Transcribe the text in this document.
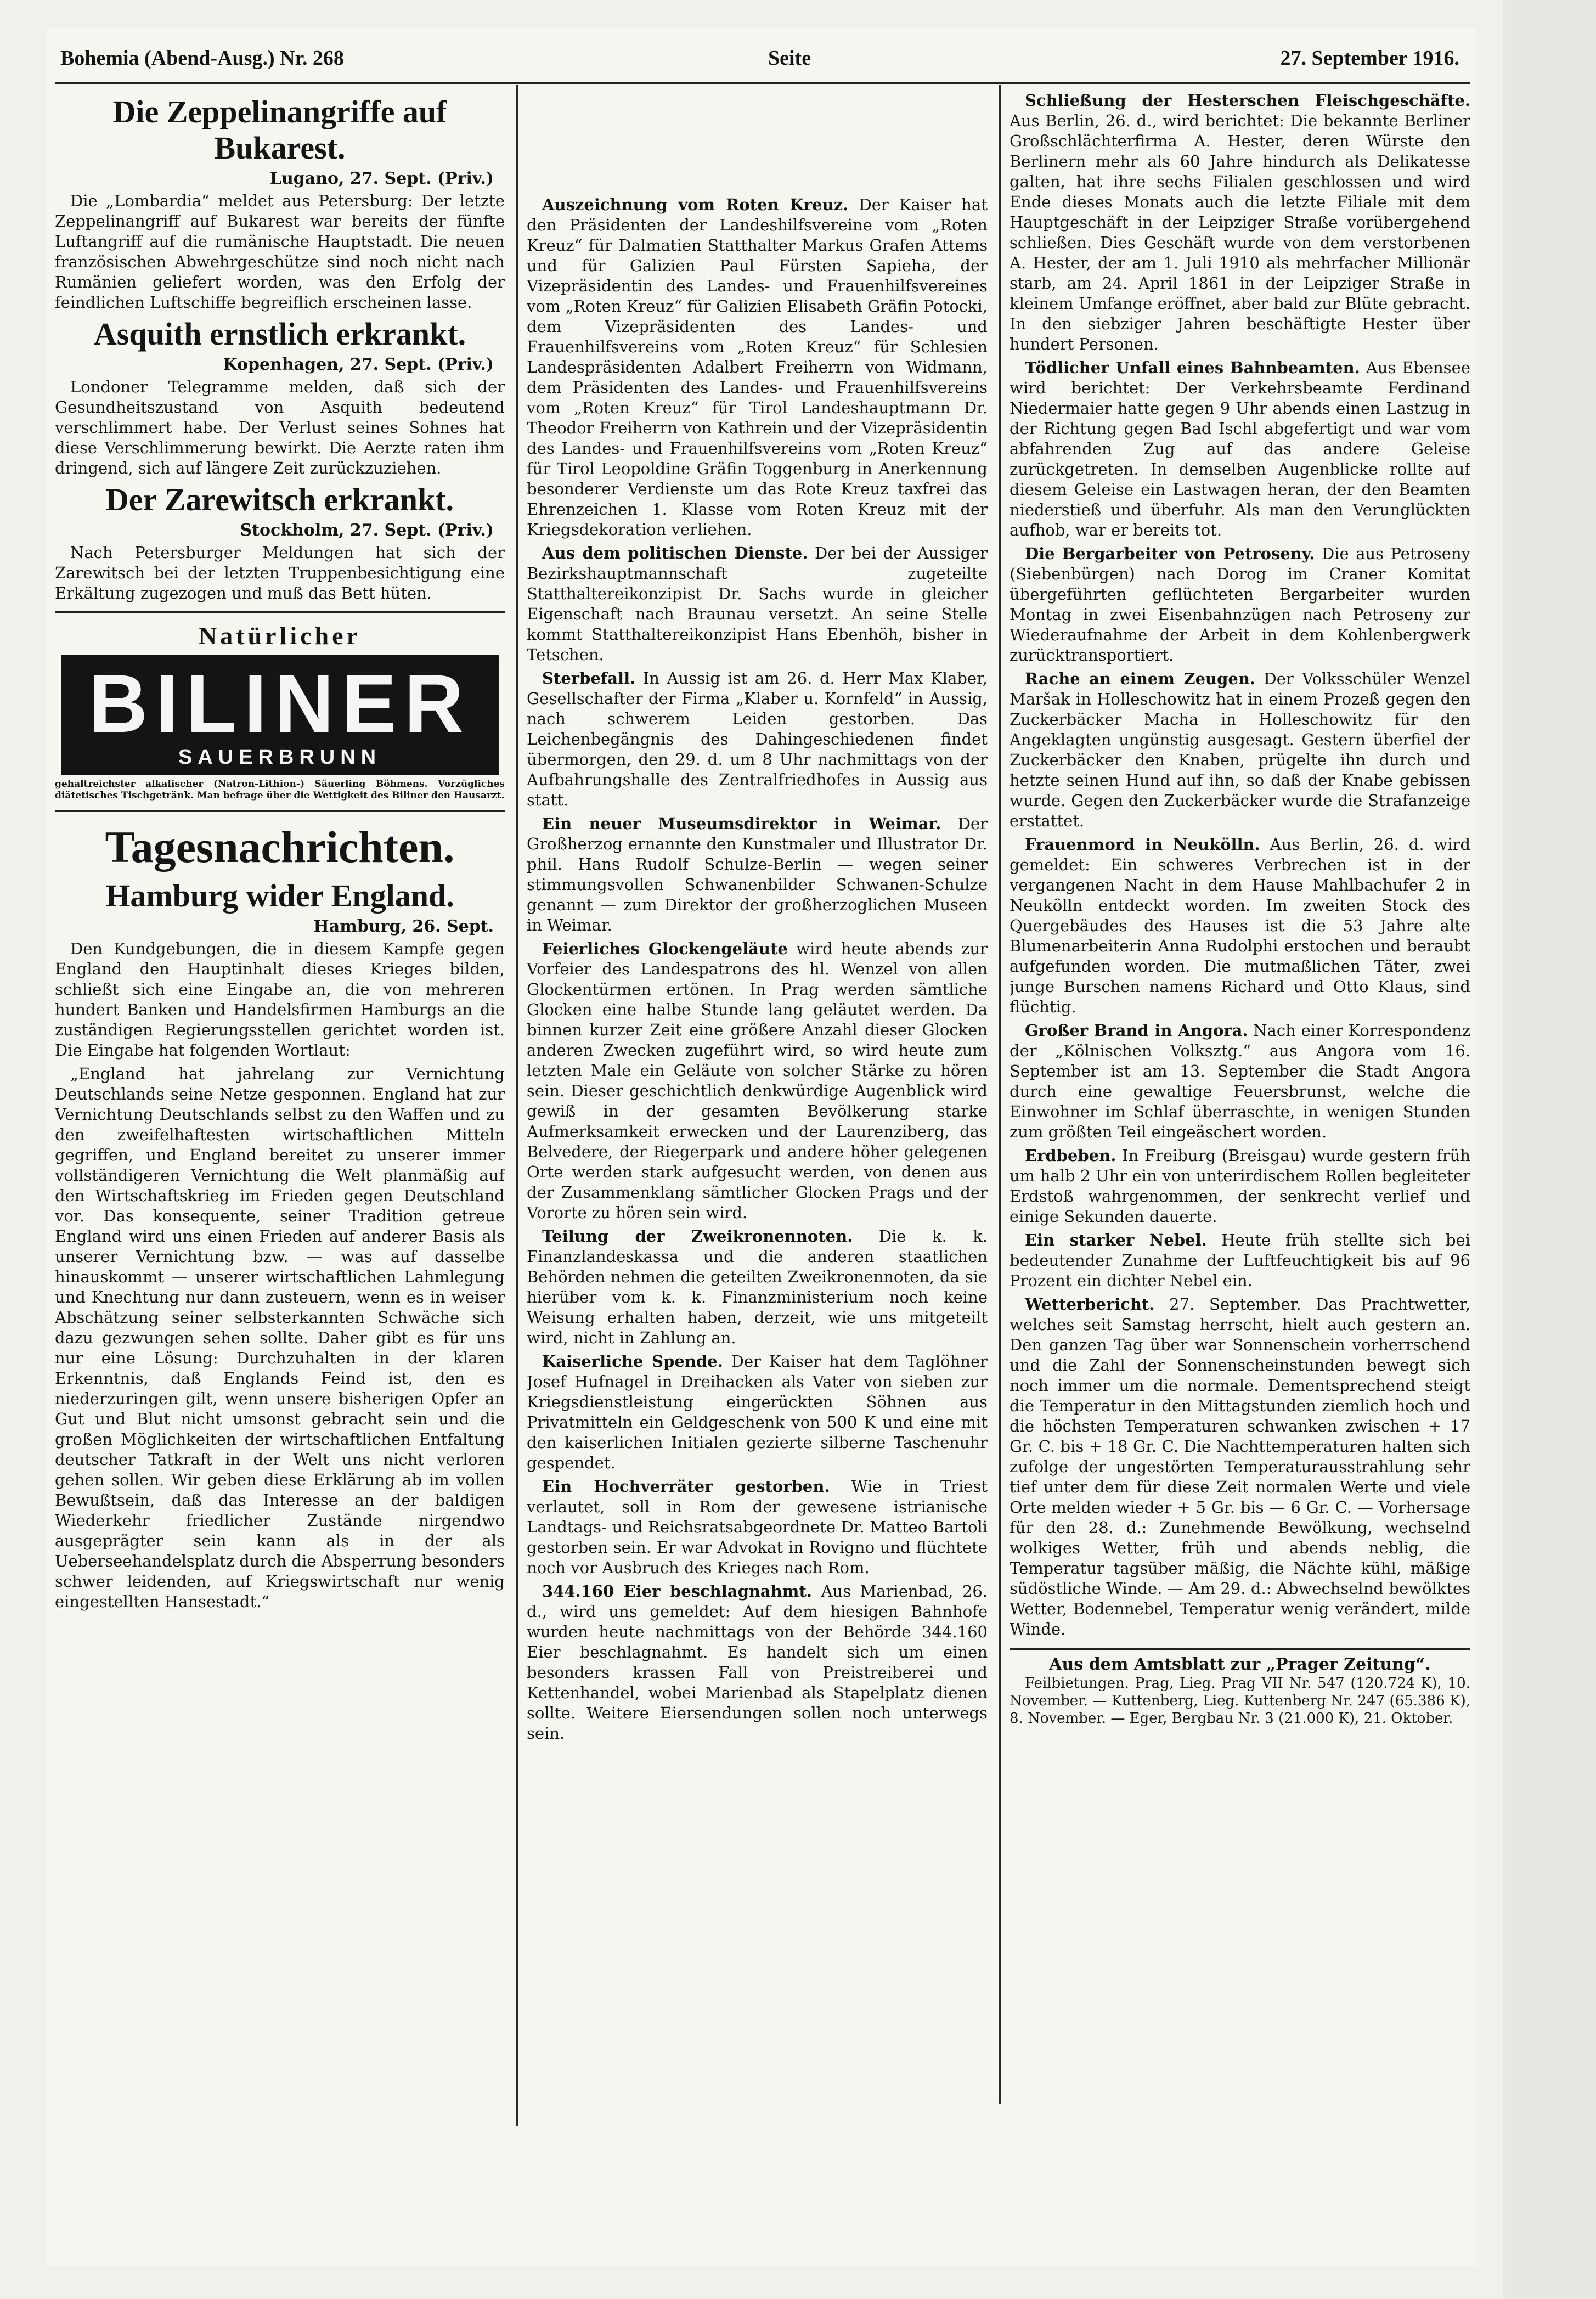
Bohemia (Abend-Ausg.) Nr. 268	Seite	27. September 1916.
Die Zeppelinangriffe auf Bukarest.
Lugano, 27. Sept. (Priv.)

Die „Lombardia“ meldet aus Petersburg: Der letzte Zeppelinangriff auf Bukarest war bereits der fünfte Luftangriff auf die rumänische Hauptstadt. Die neuen französischen Abwehrgeschütze sind noch nicht nach Rumänien geliefert worden, was den Erfolg der feindlichen Luftschiffe begreiflich erscheinen lasse.

Asquith ernstlich erkrankt.
Kopenhagen, 27. Sept. (Priv.)

Londoner Telegramme melden, daß sich der Gesundheitszustand von Asquith bedeutend verschlimmert habe. Der Verlust seines Sohnes hat diese Verschlimmerung bewirkt. Die Aerzte raten ihm dringend, sich auf längere Zeit zurückzuziehen.

Der Zarewitsch erkrankt.
Stockholm, 27. Sept. (Priv.)

Nach Petersburger Meldungen hat sich der Zarewitsch bei der letzten Truppenbesichtigung eine Erkältung zugezogen und muß das Bett hüten.

Natürlicher
BILINER
SAUERBRUNN
gehaltreichster alkalischer (Natron-Lithion-) Säuerling Böhmens. Vorzügliches diätetisches Tischgetränk. Man befrage über die Wettigkeit des Biliner den Hausarzt.
Tagesnachrichten.
Hamburg wider England.
Hamburg, 26. Sept.

Den Kundgebungen, die in diesem Kampfe gegen England den Hauptinhalt dieses Krieges bilden, schließt sich eine Eingabe an, die von mehreren hundert Banken und Handelsfirmen Hamburgs an die zuständigen Regierungsstellen gerichtet worden ist. Die Eingabe hat folgenden Wortlaut:

„England hat jahrelang zur Vernichtung Deutschlands seine Netze gesponnen. England hat zur Vernichtung Deutschlands selbst zu den Waffen und zu den zweifelhaftesten wirtschaftlichen Mitteln gegriffen, und England bereitet zu unserer immer vollständigeren Vernichtung die Welt planmäßig auf den Wirtschaftskrieg im Frieden gegen Deutschland vor. Das konsequente, seiner Tradition getreue England wird uns einen Frieden auf anderer Basis als unserer Vernichtung bzw. — was auf dasselbe hinauskommt — unserer wirtschaftlichen Lahmlegung und Knechtung nur dann zusteuern, wenn es in weiser Abschätzung seiner selbsterkannten Schwäche sich dazu gezwungen sehen sollte. Daher gibt es für uns nur eine Lösung: Durchzuhalten in der klaren Erkenntnis, daß Englands Feind ist, den es niederzuringen gilt, wenn unsere bisherigen Opfer an Gut und Blut nicht umsonst gebracht sein und die großen Möglichkeiten der wirtschaftlichen Entfaltung deutscher Tatkraft in der Welt uns nicht verloren gehen sollen. Wir geben diese Erklärung ab im vollen Bewußtsein, daß das Interesse an der baldigen Wiederkehr friedlicher Zustände nirgendwo ausgeprägter sein kann als in der als Ueberseehandelsplatz durch die Absperrung besonders schwer leidenden, auf Kriegswirtschaft nur wenig eingestellten Hansestadt.“

Auszeichnung vom Roten Kreuz. Der Kaiser hat den Präsidenten der Landeshilfsvereine vom „Roten Kreuz“ für Dalmatien Statthalter Markus Grafen Attems und für Galizien Paul Fürsten Sapieha, der Vizepräsidentin des Landes- und Frauenhilfsvereines vom „Roten Kreuz“ für Galizien Elisabeth Gräfin Potocki, dem Vizepräsidenten des Landes- und Frauenhilfsvereins vom „Roten Kreuz“ für Schlesien Landespräsidenten Adalbert Freiherrn von Widmann, dem Präsidenten des Landes- und Frauenhilfsvereins vom „Roten Kreuz“ für Tirol Landeshauptmann Dr. Theodor Freiherrn von Kathrein und der Vizepräsidentin des Landes- und Frauenhilfsvereins vom „Roten Kreuz“ für Tirol Leopoldine Gräfin Toggenburg in Anerkennung besonderer Verdienste um das Rote Kreuz taxfrei das Ehrenzeichen 1. Klasse vom Roten Kreuz mit der Kriegsdekoration verliehen.

Aus dem politischen Dienste. Der bei der Aussiger Bezirkshauptmannschaft zugeteilte Statthaltereikonzipist Dr. Sachs wurde in gleicher Eigenschaft nach Braunau versetzt. An seine Stelle kommt Statthaltereikonzipist Hans Ebenhöh, bisher in Tetschen.

Sterbefall. In Aussig ist am 26. d. Herr Max Klaber, Gesellschafter der Firma „Klaber u. Kornfeld“ in Aussig, nach schwerem Leiden gestorben. Das Leichenbegängnis des Dahingeschiedenen findet übermorgen, den 29. d. um 8 Uhr nachmittags von der Aufbahrungshalle des Zentralfriedhofes in Aussig aus statt.

Ein neuer Museumsdirektor in Weimar. Der Großherzog ernannte den Kunstmaler und Illustrator Dr. phil. Hans Rudolf Schulze-Berlin — wegen seiner stimmungsvollen Schwanenbilder Schwanen-Schulze genannt — zum Direktor der großherzoglichen Museen in Weimar.

Feierliches Glockengeläute wird heute abends zur Vorfeier des Landespatrons des hl. Wenzel von allen Glockentürmen ertönen. In Prag werden sämtliche Glocken eine halbe Stunde lang geläutet werden. Da binnen kurzer Zeit eine größere Anzahl dieser Glocken anderen Zwecken zugeführt wird, so wird heute zum letzten Male ein Geläute von solcher Stärke zu hören sein. Dieser geschichtlich denkwürdige Augenblick wird gewiß in der gesamten Bevölkerung starke Aufmerksamkeit erwecken und der Laurenziberg, das Belvedere, der Riegerpark und andere höher gelegenen Orte werden stark aufgesucht werden, von denen aus der Zusammenklang sämtlicher Glocken Prags und der Vororte zu hören sein wird.

Teilung der Zweikronennoten. Die k. k. Finanzlandeskassa und die anderen staatlichen Behörden nehmen die geteilten Zweikronennoten, da sie hierüber vom k. k. Finanzministerium noch keine Weisung erhalten haben, derzeit, wie uns mitgeteilt wird, nicht in Zahlung an.

Kaiserliche Spende. Der Kaiser hat dem Taglöhner Josef Hufnagel in Dreihacken als Vater von sieben zur Kriegsdienstleistung eingerückten Söhnen aus Privatmitteln ein Geldgeschenk von 500 K und eine mit den kaiserlichen Initialen gezierte silberne Taschenuhr gespendet.

Ein Hochverräter gestorben. Wie in Triest verlautet, soll in Rom der gewesene istrianische Landtags- und Reichsratsabgeordnete Dr. Matteo Bartoli gestorben sein. Er war Advokat in Rovigno und flüchtete noch vor Ausbruch des Krieges nach Rom.

344.160 Eier beschlagnahmt. Aus Marienbad, 26. d., wird uns gemeldet: Auf dem hiesigen Bahnhofe wurden heute nachmittags von der Behörde 344.160 Eier beschlagnahmt. Es handelt sich um einen besonders krassen Fall von Preistreiberei und Kettenhandel, wobei Marienbad als Stapelplatz dienen sollte. Weitere Eiersendungen sollen noch unterwegs sein.

Schließung der Hesterschen Fleischgeschäfte. Aus Berlin, 26. d., wird berichtet: Die bekannte Berliner Großschlächterfirma A. Hester, deren Würste den Berlinern mehr als 60 Jahre hindurch als Delikatesse galten, hat ihre sechs Filialen geschlossen und wird Ende dieses Monats auch die letzte Filiale mit dem Hauptgeschäft in der Leipziger Straße vorübergehend schließen. Dies Geschäft wurde von dem verstorbenen A. Hester, der am 1. Juli 1910 als mehrfacher Millionär starb, am 24. April 1861 in der Leipziger Straße in kleinem Umfange eröffnet, aber bald zur Blüte gebracht. In den siebziger Jahren beschäftigte Hester über hundert Personen.

Tödlicher Unfall eines Bahnbeamten. Aus Ebensee wird berichtet: Der Verkehrsbeamte Ferdinand Niedermaier hatte gegen 9 Uhr abends einen Lastzug in der Richtung gegen Bad Ischl abgefertigt und war vom abfahrenden Zug auf das andere Geleise zurückgetreten. In demselben Augenblicke rollte auf diesem Geleise ein Lastwagen heran, der den Beamten niederstieß und überfuhr. Als man den Verunglückten aufhob, war er bereits tot.

Die Bergarbeiter von Petroseny. Die aus Petroseny (Siebenbürgen) nach Dorog im Craner Komitat übergeführten geflüchteten Bergarbeiter wurden Montag in zwei Eisenbahnzügen nach Petroseny zur Wiederaufnahme der Arbeit in dem Kohlenbergwerk zurücktransportiert.

Rache an einem Zeugen. Der Volksschüler Wenzel Maršak in Holleschowitz hat in einem Prozeß gegen den Zuckerbäcker Macha in Holleschowitz für den Angeklagten ungünstig ausgesagt. Gestern überfiel der Zuckerbäcker den Knaben, prügelte ihn durch und hetzte seinen Hund auf ihn, so daß der Knabe gebissen wurde. Gegen den Zuckerbäcker wurde die Strafanzeige erstattet.

Frauenmord in Neukölln. Aus Berlin, 26. d. wird gemeldet: Ein schweres Verbrechen ist in der vergangenen Nacht in dem Hause Mahlbachufer 2 in Neukölln entdeckt worden. Im zweiten Stock des Quergebäudes des Hauses ist die 53 Jahre alte Blumenarbeiterin Anna Rudolphi erstochen und beraubt aufgefunden worden. Die mutmaßlichen Täter, zwei junge Burschen namens Richard und Otto Klaus, sind flüchtig.

Großer Brand in Angora. Nach einer Korrespondenz der „Kölnischen Volksztg.“ aus Angora vom 16. September ist am 13. September die Stadt Angora durch eine gewaltige Feuersbrunst, welche die Einwohner im Schlaf überraschte, in wenigen Stunden zum größten Teil eingeäschert worden.

Erdbeben. In Freiburg (Breisgau) wurde gestern früh um halb 2 Uhr ein von unterirdischem Rollen begleiteter Erdstoß wahrgenommen, der senkrecht verlief und einige Sekunden dauerte.

Ein starker Nebel. Heute früh stellte sich bei bedeutender Zunahme der Luftfeuchtigkeit bis auf 96 Prozent ein dichter Nebel ein.

Wetterbericht. 27. September. Das Prachtwetter, welches seit Samstag herrscht, hielt auch gestern an. Den ganzen Tag über war Sonnenschein vorherrschend und die Zahl der Sonnenscheinstunden bewegt sich noch immer um die normale. Dementsprechend steigt die Temperatur in den Mittagstunden ziemlich hoch und die höchsten Temperaturen schwanken zwischen + 17 Gr. C. bis + 18 Gr. C. Die Nachttemperaturen halten sich zufolge der ungestörten Temperaturausstrahlung sehr tief unter dem für diese Zeit normalen Werte und viele Orte melden wieder + 5 Gr. bis — 6 Gr. C. — Vorhersage für den 28. d.: Zunehmende Bewölkung, wechselnd wolkiges Wetter, früh und abends neblig, die Temperatur tagsüber mäßig, die Nächte kühl, mäßige südöstliche Winde. — Am 29. d.: Abwechselnd bewölktes Wetter, Bodennebel, Temperatur wenig verändert, milde Winde.

Aus dem Amtsblatt zur „Prager Zeitung“.

Feilbietungen. Prag, Lieg. Prag VII Nr. 547 (120.724 K), 10. November. — Kuttenberg, Lieg. Kuttenberg Nr. 247 (65.386 K), 8. November. — Eger, Bergbau Nr. 3 (21.000 K), 21. Oktober.
